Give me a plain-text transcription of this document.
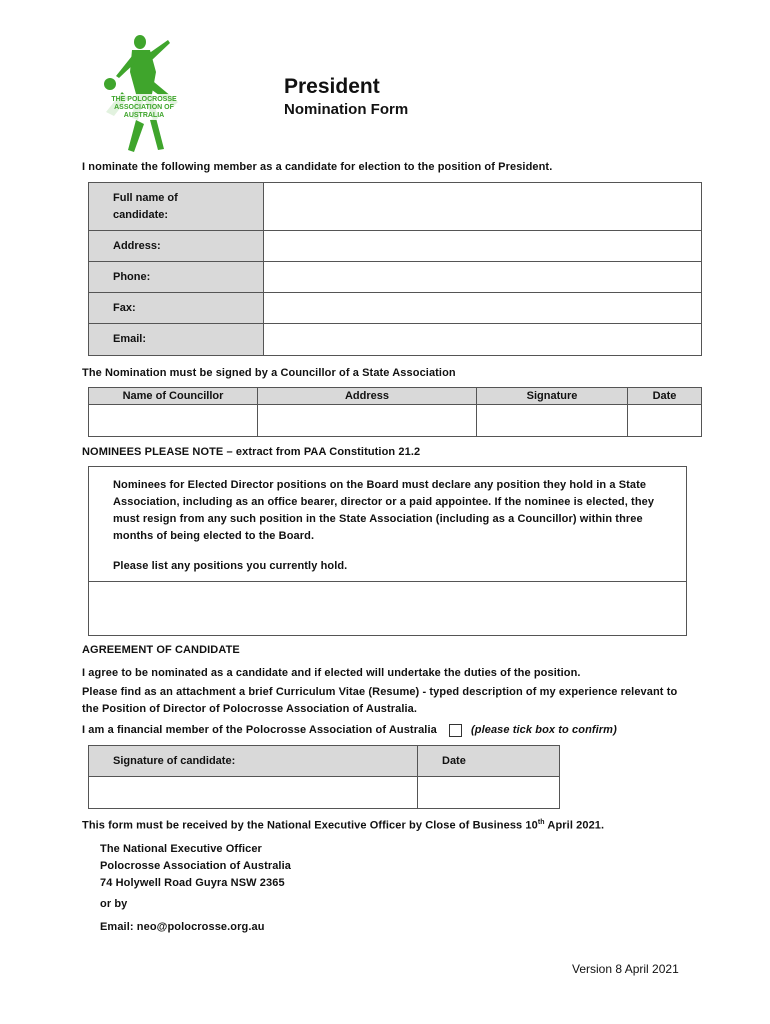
THE POLOCROSSE ASSOCIATION OF AUSTRALIA
President
Nomination Form
I nominate the following member as a candidate for election to the position of President.
Full name of
candidate:	
Address:	
Phone:	
Fax:	
Email:	
The Nomination must be signed by a Councillor of a State Association
Name of Councillor	Address	Signature	Date

NOMINEES PLEASE NOTE – extract from PAA Constitution 21.2
Nominees for Elected Director positions on the Board must declare any position they hold in a State Association, including as an office bearer, director or a paid appointee. If the nominee is elected, they must resign from any such position in the State Association (including as a Councillor) within three months of being elected to the Board.
Please list any positions you currently hold.
AGREEMENT OF CANDIDATE
I agree to be nominated as a candidate and if elected will undertake the duties of the position.
Please find as an attachment a brief Curriculum Vitae (Resume) - typed description of my experience relevant to the Position of Director of Polocrosse Association of Australia.
I am a financial member of the Polocrosse Association of Australia	(please tick box to confirm)
Signature of candidate:	Date

This form must be received by the National Executive Officer by Close of Business 10th April 2021.
The National Executive Officer
Polocrosse Association of Australia
74 Holywell Road Guyra NSW 2365
or by
Email: neo@polocrosse.org.au
Version 8 April 2021
